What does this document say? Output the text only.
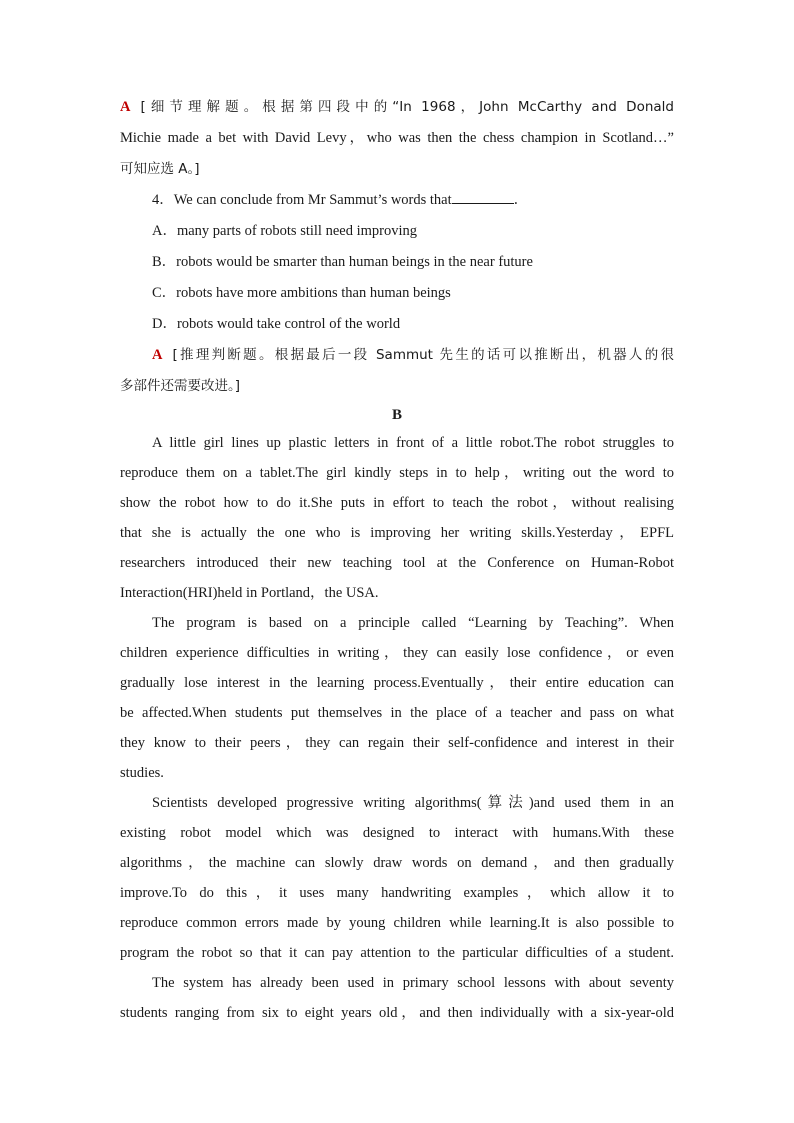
A [细节理解题。根据第四段中的“In 1968，John McCarthy and Donald
Michie made a bet with David Levy，who was then the chess champion in Scotland…”
可知应选 A。]
4．We can conclude from Mr Sammut’s words that	．
A．many parts of robots still need improving
B．robots would be smarter than human beings in the near future
C．robots have more ambitions than human beings
D．robots would take control of the world
A [推理判断题。根据最后一段 Sammut 先生的话可以推断出，机器人的很
多部件还需要改进。]
B
A little girl lines up plastic letters in front of a little robot.The robot struggles to
reproduce them on a tablet.The girl kindly steps in to help，writing out the word to
show the robot how to do it.She puts in effort to teach the robot，without realising
that she is actually the one who is improving her writing skills.Yesterday，EPFL
researchers introduced their new teaching tool at the Conference on Human-Robot
Interaction(HRI)held in Portland，the USA.
The program is based on a principle called “Learning by Teaching”. When
children experience difficulties in writing，they can easily lose confidence，or even
gradually lose interest in the learning process.Eventually，their entire education can
be affected.When students put themselves in the place of a teacher and pass on what
they know to their peers，they can regain their self-confidence and interest in their
studies.
Scientists developed progressive writing algorithms(算法)and used them in an
existing robot model which was designed to interact with humans.With these
algorithms，the machine can slowly draw words on demand，and then gradually
improve.To do this，it uses many handwriting examples，which allow it to
reproduce common errors made by young children while learning.It is also possible to
program the robot so that it can pay attention to the particular difficulties of a student.
The system has already been used in primary school lessons with about seventy
students ranging from six to eight years old，and then individually with a six-year-old
